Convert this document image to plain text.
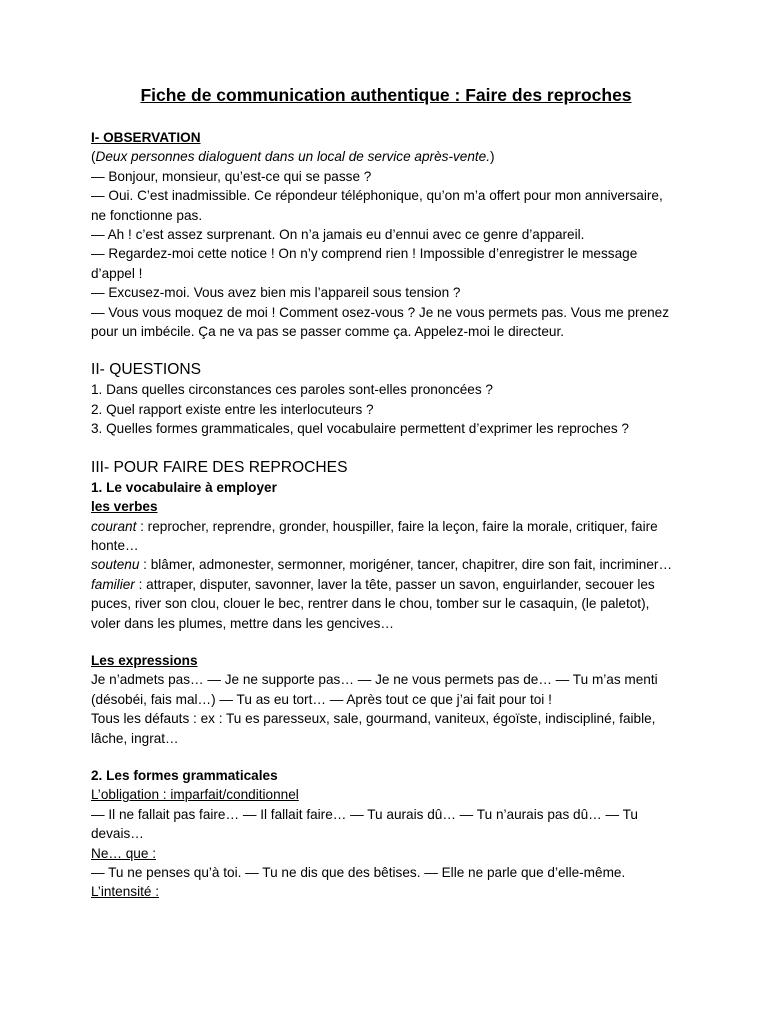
Fiche de communication authentique : Faire des reproches

I- OBSERVATION

(Deux personnes dialoguent dans un local de service après-vente.)

— Bonjour, monsieur, qu’est-ce qui se passe ?

— Oui. C’est inadmissible. Ce répondeur téléphonique, qu’on m’a offert pour mon anniversaire, ne fonctionne pas.

— Ah ! c’est assez surprenant. On n’a jamais eu d’ennui avec ce genre d’appareil.

— Regardez-moi cette notice ! On n’y comprend rien ! Impossible d’enregistrer le message d’appel !

— Excusez-moi. Vous avez bien mis l’appareil sous tension ?

— Vous vous moquez de moi ! Comment osez-vous ? Je ne vous permets pas. Vous me prenez pour un imbécile. Ça ne va pas se passer comme ça. Appelez-moi le directeur.

II- QUESTIONS

1. Dans quelles circonstances ces paroles sont-elles prononcées ?

2. Quel rapport existe entre les interlocuteurs ?

3. Quelles formes grammaticales, quel vocabulaire permettent d’exprimer les reproches ?

III- POUR FAIRE DES REPROCHES

1. Le vocabulaire à employer

les verbes

courant : reprocher, reprendre, gronder, houspiller, faire la leçon, faire la morale, critiquer, faire honte…

soutenu : blâmer, admonester, sermonner, morigéner, tancer, chapitrer, dire son fait, incriminer…

familier : attraper, disputer, savonner, laver la tête, passer un savon, enguirlander, secouer les puces, river son clou, clouer le bec, rentrer dans le chou, tomber sur le casaquin, (le paletot), voler dans les plumes, mettre dans les gencives…

Les expressions

Je n’admets pas… — Je ne supporte pas… — Je ne vous permets pas de… — Tu m’as menti (désobéi, fais mal…) — Tu as eu tort… — Après tout ce que j’ai fait pour toi !

Tous les défauts : ex : Tu es paresseux, sale, gourmand, vaniteux, égoïste, indiscipliné, faible, lâche, ingrat…

2. Les formes grammaticales

L’obligation : imparfait/conditionnel

— Il ne fallait pas faire… — Il fallait faire… — Tu aurais dû… — Tu n’aurais pas dû… — Tu devais…

Ne… que :

— Tu ne penses qu’à toi. — Tu ne dis que des bêtises. — Elle ne parle que d’elle-même.

L’intensité :
